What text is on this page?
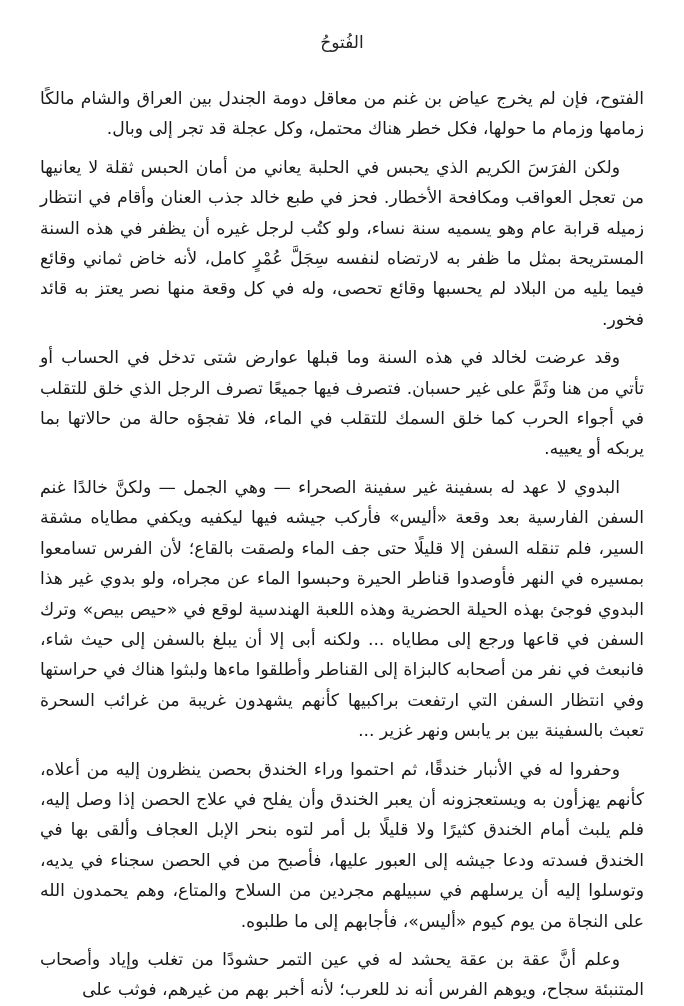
الفُتوحُ

الفتوح، فإن لم يخرج عياض بن غنم من معاقل دومة الجندل بين العراق والشام مالكًا زمامها وزمام ما حولها، فكل خطر هناك محتمل، وكل عجلة قد تجر إلى وبال.

ولكن الفرَسَ الكريم الذي يحبس في الحلبة يعاني من أمان الحبس ثقلة لا يعانيها من تعجل العواقب ومكافحة الأخطار. فحز في طبع خالد جذب العنان وأقام في انتظار زميله قرابة عام وهو يسميه سنة نساء، ولو كتُب لرجل غيره أن يظفر في هذه السنة المستريحة بمثل ما ظفر به لارتضاه لنفسه سِجَلَّ عُمْرٍ كامل، لأنه خاض ثماني وقائع فيما يليه من البلاد لم يحسبها وقائع تحصى، وله في كل وقعة منها نصر يعتز به قائد فخور.

وقد عرضت لخالد في هذه السنة وما قبلها عوارض شتى تدخل في الحساب أو تأتي من هنا وثَمَّ على غير حسبان. فتصرف فيها جميعًا تصرف الرجل الذي خلق للتقلب في أجواء الحرب كما خلق السمك للتقلب في الماء، فلا تفجؤه حالة من حالاتها بما يربكه أو يعييه.

البدوي لا عهد له بسفينة غير سفينة الصحراء — وهي الجمل — ولكنَّ خالدًا غنم السفن الفارسية بعد وقعة «أليس» فأركب جيشه فيها ليكفيه ويكفي مطاياه مشقة السير، فلم تنقله السفن إلا قليلًا حتى جف الماء ولصقت بالقاع؛ لأن الفرس تسامعوا بمسيره في النهر فأوصدوا قناطر الحيرة وحبسوا الماء عن مجراه، ولو بدوي غير هذا البدوي فوجئ بهذه الحيلة الحضرية وهذه اللعبة الهندسية لوقع في «حيص بيص» وترك السفن في قاعها ورجع إلى مطاياه ... ولكنه أبى إلا أن يبلغ بالسفن إلى حيث شاء، فانبعث في نفر من أصحابه كالبزاة إلى القناطر وأطلقوا ماءها ولبثوا هناك في حراستها وفي انتظار السفن التي ارتفعت براكبيها كأنهم يشهدون غريبة من غرائب السحرة تعبث بالسفينة بين بر يابس ونهر غزير ...

وحفروا له في الأنبار خندقًا، ثم احتموا وراء الخندق بحصن ينظرون إليه من أعلاه، كأنهم يهزأون به ويستعجزونه أن يعبر الخندق وأن يفلح في علاج الحصن إذا وصل إليه، فلم يلبث أمام الخندق كثيرًا ولا قليلًا بل أمر لتوه بنحر الإبل العجاف وألقى بها في الخندق فسدته ودعا جيشه إلى العبور عليها، فأصبح من في الحصن سجناء في يديه، وتوسلوا إليه أن يرسلهم في سبيلهم مجردين من السلاح والمتاع، وهم يحمدون الله على النجاة من يوم كيوم «أليس»، فأجابهم إلى ما طلبوه.

وعلم أنَّ عقة بن عقة يحشد له في عين التمر حشودًا من تغلب وإياد وأصحاب المتنبئة سجاح، ويوهم الفرس أنه ند للعرب؛ لأنه أخبر بهم من غيرهم، فوثب على
